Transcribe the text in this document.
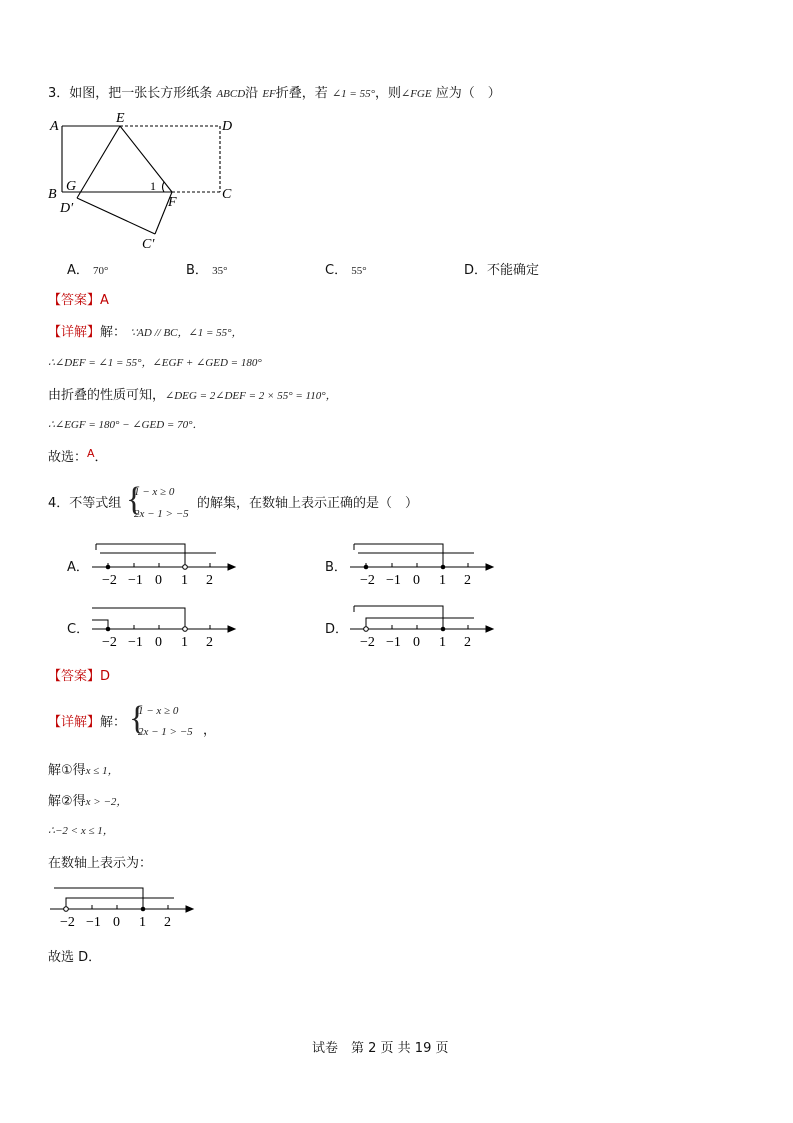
3．如图，把一张长方形纸条 ABCD沿 EF折叠，若 ∠1 = 55°，则∠FGE 应为（　）
A
E
D
B
G	1
C
D′	F
C′
A． 70°	B． 35°	C． 55°	D．不能确定
【答案】A
【详解】解： ∵AD // BC，∠1 = 55°，
∴∠DEF = ∠1 = 55°，∠EGF + ∠GED = 180°
由折叠的性质可知，∠DEG = 2∠DEF = 2 × 55° = 110°，
∴∠EGF = 180° − ∠GED = 70°．
故选：$^A$．
4．不等式组 {
1 − x ≥ 0
2x − 1 > −5
的解集，在数轴上表示正确的是（　）
A．
−2 −1 0 1 2
B．
−2 −1 0 1 2
C．
−2 −1 0 1 2
D．
−2 −1 0 1 2
【答案】D
【详解】解： {
1 − x ≥ 0
2x − 1 > −5 ，
解①得x ≤ 1，
解②得x > −2，
∴−2 < x ≤ 1，
在数轴上表示为：
−2 −1 0 1 2
故选 D．
试卷　第 2 页 共 19 页
